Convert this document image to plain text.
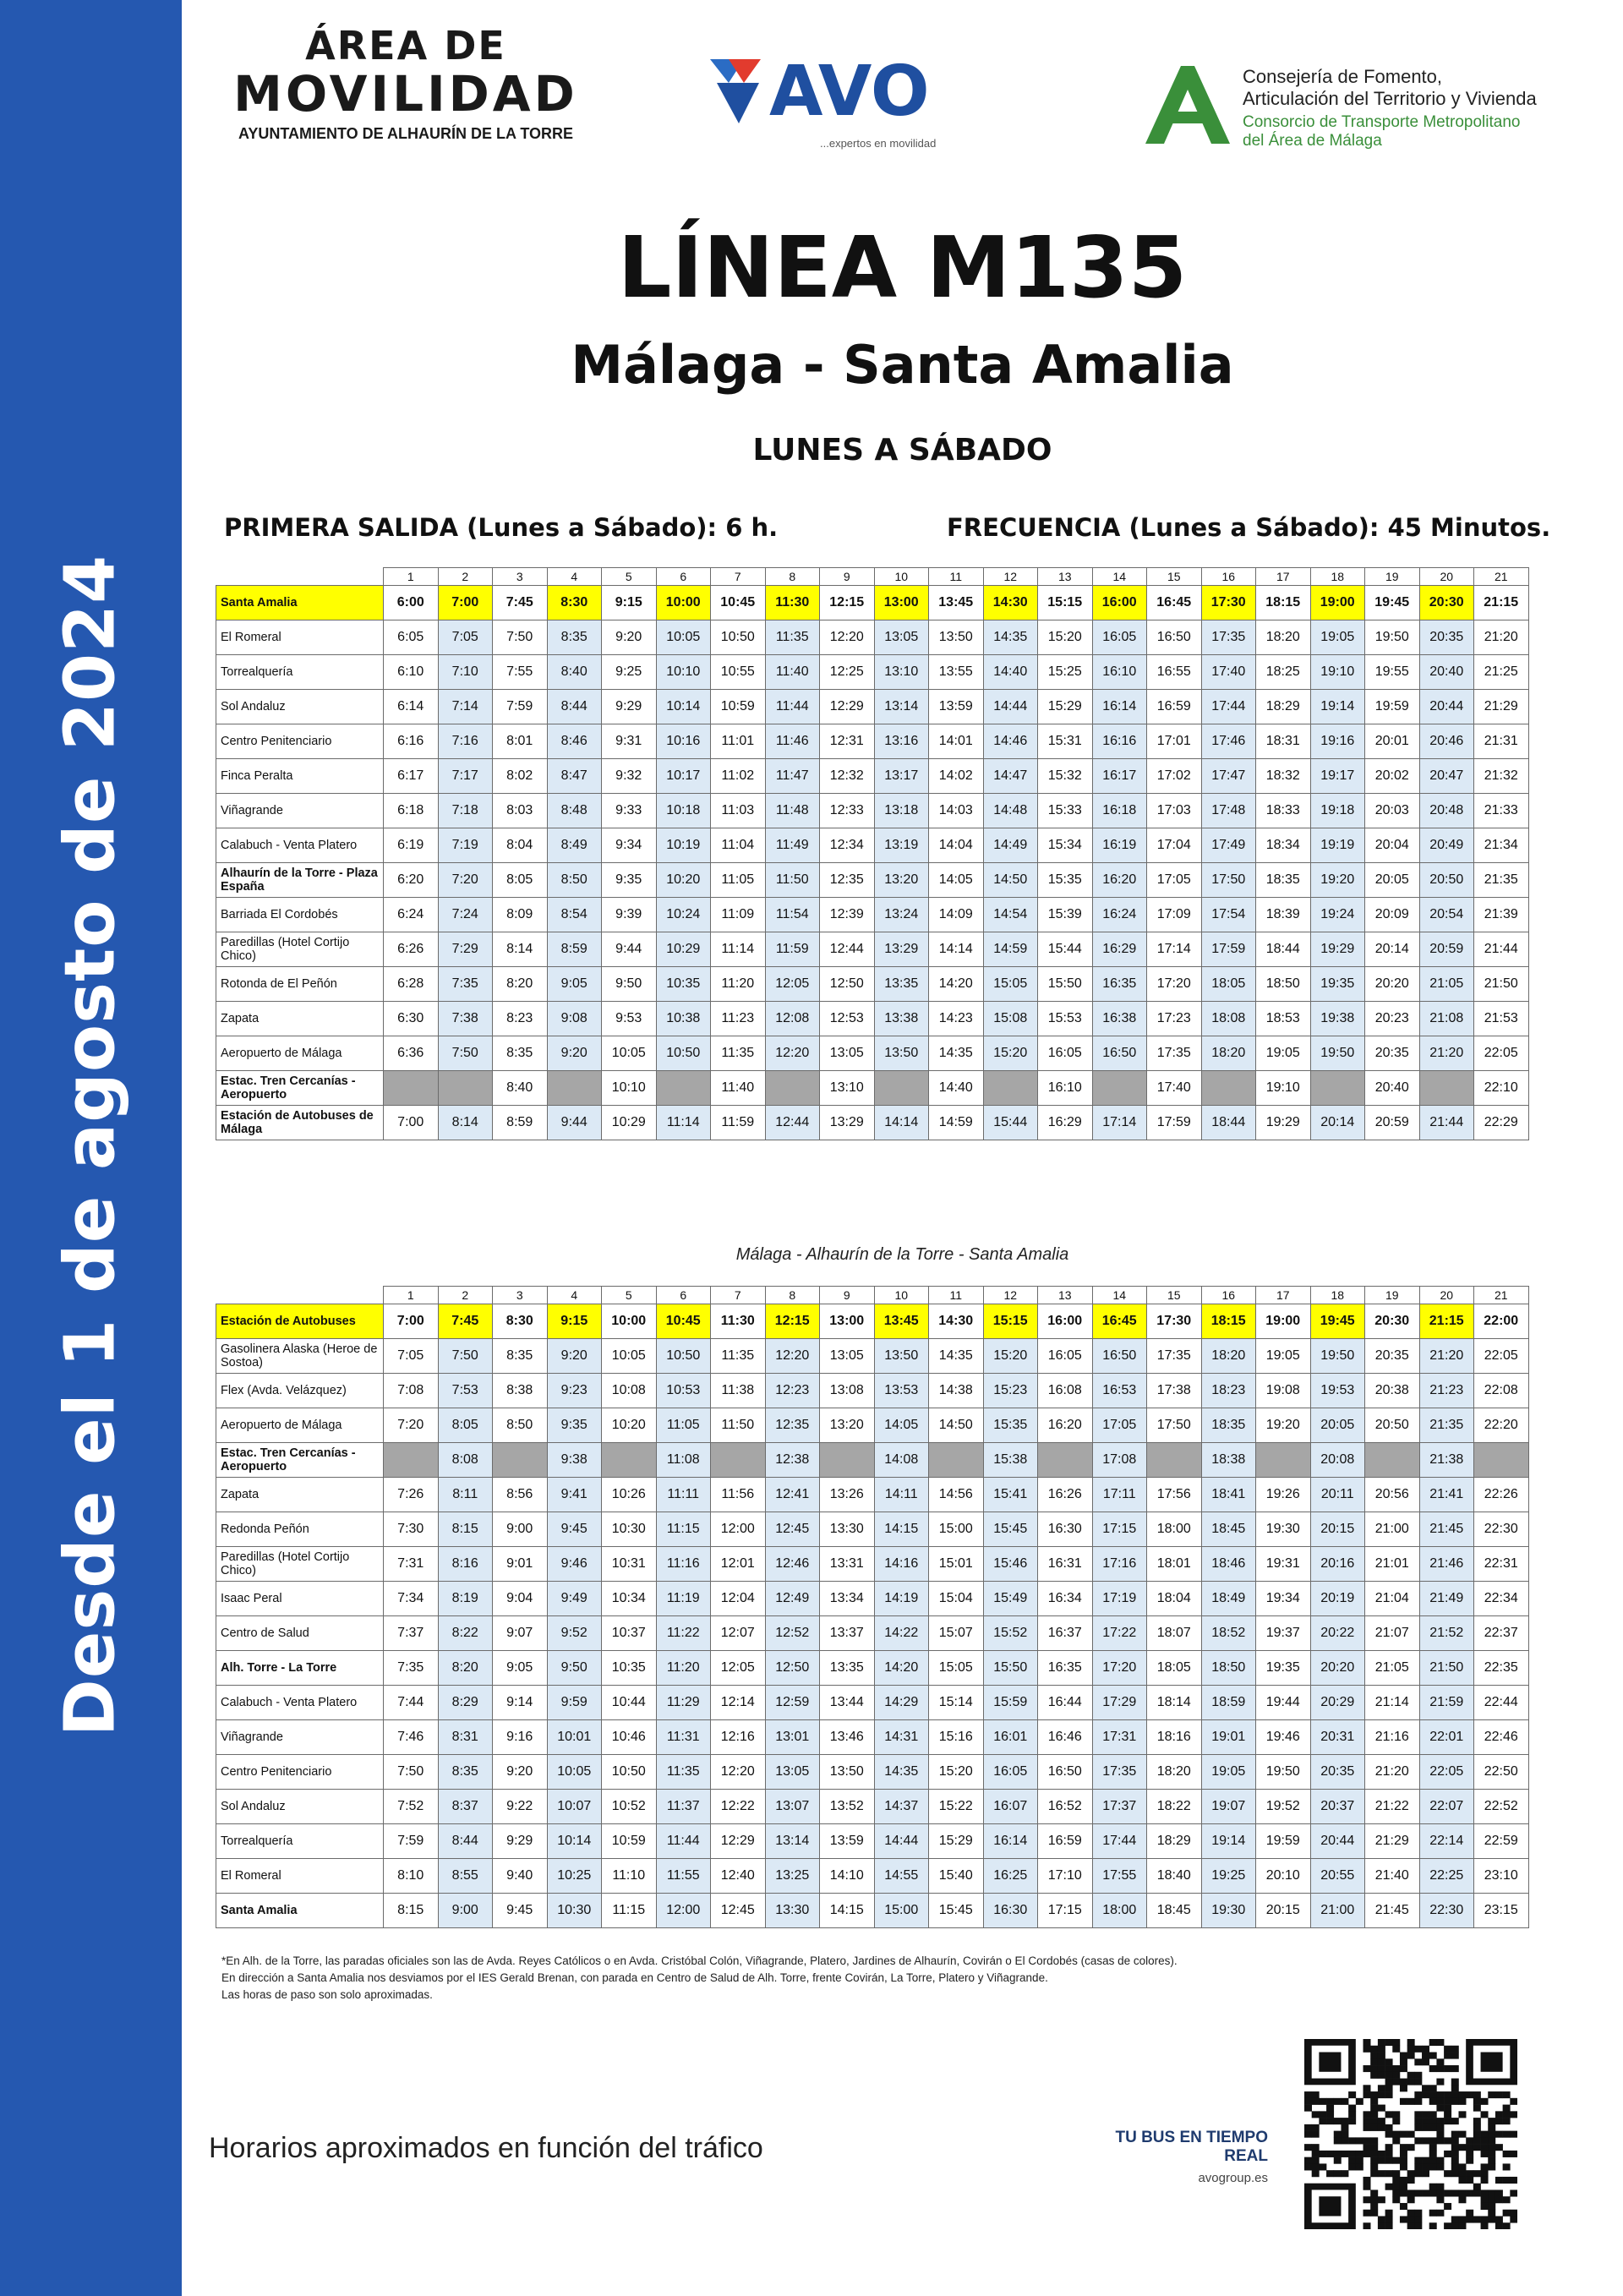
Desde el 1 de agosto de 2024
ÁREA DE
MOVILIDAD
AYUNTAMIENTO DE ALHAURÍN DE LA TORRE
AVO
...expertos en movilidad
Consejería de Fomento,
Articulación del Territorio y Vivienda
Consorcio de Transporte Metropolitano
del Área de Málaga
LÍNEA M135
Málaga - Santa Amalia
LUNES A SÁBADO
PRIMERA SALIDA (Lunes a Sábado): 6 h.	FRECUENCIA (Lunes a Sábado): 45 Minutos.
	1	2	3	4	5	6	7	8	9	10	11	12	13	14	15	16	17	18	19	20	21
Santa Amalia	6:00	7:00	7:45	8:30	9:15	10:00	10:45	11:30	12:15	13:00	13:45	14:30	15:15	16:00	16:45	17:30	18:15	19:00	19:45	20:30	21:15
El Romeral	6:05	7:05	7:50	8:35	9:20	10:05	10:50	11:35	12:20	13:05	13:50	14:35	15:20	16:05	16:50	17:35	18:20	19:05	19:50	20:35	21:20
Torrealquería	6:10	7:10	7:55	8:40	9:25	10:10	10:55	11:40	12:25	13:10	13:55	14:40	15:25	16:10	16:55	17:40	18:25	19:10	19:55	20:40	21:25
Sol Andaluz	6:14	7:14	7:59	8:44	9:29	10:14	10:59	11:44	12:29	13:14	13:59	14:44	15:29	16:14	16:59	17:44	18:29	19:14	19:59	20:44	21:29
Centro Penitenciario	6:16	7:16	8:01	8:46	9:31	10:16	11:01	11:46	12:31	13:16	14:01	14:46	15:31	16:16	17:01	17:46	18:31	19:16	20:01	20:46	21:31
Finca Peralta	6:17	7:17	8:02	8:47	9:32	10:17	11:02	11:47	12:32	13:17	14:02	14:47	15:32	16:17	17:02	17:47	18:32	19:17	20:02	20:47	21:32
Viñagrande	6:18	7:18	8:03	8:48	9:33	10:18	11:03	11:48	12:33	13:18	14:03	14:48	15:33	16:18	17:03	17:48	18:33	19:18	20:03	20:48	21:33
Calabuch - Venta Platero	6:19	7:19	8:04	8:49	9:34	10:19	11:04	11:49	12:34	13:19	14:04	14:49	15:34	16:19	17:04	17:49	18:34	19:19	20:04	20:49	21:34
Alhaurín de la Torre - Plaza España	6:20	7:20	8:05	8:50	9:35	10:20	11:05	11:50	12:35	13:20	14:05	14:50	15:35	16:20	17:05	17:50	18:35	19:20	20:05	20:50	21:35
Barriada El Cordobés	6:24	7:24	8:09	8:54	9:39	10:24	11:09	11:54	12:39	13:24	14:09	14:54	15:39	16:24	17:09	17:54	18:39	19:24	20:09	20:54	21:39
Paredillas (Hotel Cortijo Chico)	6:26	7:29	8:14	8:59	9:44	10:29	11:14	11:59	12:44	13:29	14:14	14:59	15:44	16:29	17:14	17:59	18:44	19:29	20:14	20:59	21:44
Rotonda de El Peñón	6:28	7:35	8:20	9:05	9:50	10:35	11:20	12:05	12:50	13:35	14:20	15:05	15:50	16:35	17:20	18:05	18:50	19:35	20:20	21:05	21:50
Zapata	6:30	7:38	8:23	9:08	9:53	10:38	11:23	12:08	12:53	13:38	14:23	15:08	15:53	16:38	17:23	18:08	18:53	19:38	20:23	21:08	21:53
Aeropuerto de Málaga	6:36	7:50	8:35	9:20	10:05	10:50	11:35	12:20	13:05	13:50	14:35	15:20	16:05	16:50	17:35	18:20	19:05	19:50	20:35	21:20	22:05
Estac. Tren Cercanías - Aeropuerto			8:40		10:10		11:40		13:10		14:40		16:10		17:40		19:10		20:40		22:10
Estación de Autobuses de Málaga	7:00	8:14	8:59	9:44	10:29	11:14	11:59	12:44	13:29	14:14	14:59	15:44	16:29	17:14	17:59	18:44	19:29	20:14	20:59	21:44	22:29
Málaga - Alhaurín de la Torre - Santa Amalia
	1	2	3	4	5	6	7	8	9	10	11	12	13	14	15	16	17	18	19	20	21
Estación de Autobuses	7:00	7:45	8:30	9:15	10:00	10:45	11:30	12:15	13:00	13:45	14:30	15:15	16:00	16:45	17:30	18:15	19:00	19:45	20:30	21:15	22:00
Gasolinera Alaska (Heroe de Sostoa)	7:05	7:50	8:35	9:20	10:05	10:50	11:35	12:20	13:05	13:50	14:35	15:20	16:05	16:50	17:35	18:20	19:05	19:50	20:35	21:20	22:05
Flex (Avda. Velázquez)	7:08	7:53	8:38	9:23	10:08	10:53	11:38	12:23	13:08	13:53	14:38	15:23	16:08	16:53	17:38	18:23	19:08	19:53	20:38	21:23	22:08
Aeropuerto de Málaga	7:20	8:05	8:50	9:35	10:20	11:05	11:50	12:35	13:20	14:05	14:50	15:35	16:20	17:05	17:50	18:35	19:20	20:05	20:50	21:35	22:20
Estac. Tren Cercanías - Aeropuerto		8:08		9:38		11:08		12:38		14:08		15:38		17:08		18:38		20:08		21:38	
Zapata	7:26	8:11	8:56	9:41	10:26	11:11	11:56	12:41	13:26	14:11	14:56	15:41	16:26	17:11	17:56	18:41	19:26	20:11	20:56	21:41	22:26
Redonda Peñón	7:30	8:15	9:00	9:45	10:30	11:15	12:00	12:45	13:30	14:15	15:00	15:45	16:30	17:15	18:00	18:45	19:30	20:15	21:00	21:45	22:30
Paredillas (Hotel Cortijo Chico)	7:31	8:16	9:01	9:46	10:31	11:16	12:01	12:46	13:31	14:16	15:01	15:46	16:31	17:16	18:01	18:46	19:31	20:16	21:01	21:46	22:31
Isaac Peral	7:34	8:19	9:04	9:49	10:34	11:19	12:04	12:49	13:34	14:19	15:04	15:49	16:34	17:19	18:04	18:49	19:34	20:19	21:04	21:49	22:34
Centro de Salud	7:37	8:22	9:07	9:52	10:37	11:22	12:07	12:52	13:37	14:22	15:07	15:52	16:37	17:22	18:07	18:52	19:37	20:22	21:07	21:52	22:37
Alh. Torre - La Torre	7:35	8:20	9:05	9:50	10:35	11:20	12:05	12:50	13:35	14:20	15:05	15:50	16:35	17:20	18:05	18:50	19:35	20:20	21:05	21:50	22:35
Calabuch - Venta Platero	7:44	8:29	9:14	9:59	10:44	11:29	12:14	12:59	13:44	14:29	15:14	15:59	16:44	17:29	18:14	18:59	19:44	20:29	21:14	21:59	22:44
Viñagrande	7:46	8:31	9:16	10:01	10:46	11:31	12:16	13:01	13:46	14:31	15:16	16:01	16:46	17:31	18:16	19:01	19:46	20:31	21:16	22:01	22:46
Centro Penitenciario	7:50	8:35	9:20	10:05	10:50	11:35	12:20	13:05	13:50	14:35	15:20	16:05	16:50	17:35	18:20	19:05	19:50	20:35	21:20	22:05	22:50
Sol Andaluz	7:52	8:37	9:22	10:07	10:52	11:37	12:22	13:07	13:52	14:37	15:22	16:07	16:52	17:37	18:22	19:07	19:52	20:37	21:22	22:07	22:52
Torrealquería	7:59	8:44	9:29	10:14	10:59	11:44	12:29	13:14	13:59	14:44	15:29	16:14	16:59	17:44	18:29	19:14	19:59	20:44	21:29	22:14	22:59
El Romeral	8:10	8:55	9:40	10:25	11:10	11:55	12:40	13:25	14:10	14:55	15:40	16:25	17:10	17:55	18:40	19:25	20:10	20:55	21:40	22:25	23:10
Santa Amalia	8:15	9:00	9:45	10:30	11:15	12:00	12:45	13:30	14:15	15:00	15:45	16:30	17:15	18:00	18:45	19:30	20:15	21:00	21:45	22:30	23:15
*En Alh. de la Torre, las paradas oficiales son las de Avda. Reyes Católicos o en Avda. Cristóbal Colón, Viñagrande, Platero, Jardines de Alhaurín, Covirán o El Cordobés (casas de colores).
En dirección a Santa Amalia nos desviamos por el IES Gerald Brenan, con parada en Centro de Salud de Alh. Torre, frente Covirán, La Torre, Platero y Viñagrande.
Las horas de paso son solo aproximadas.
Horarios aproximados en función del tráfico	TU BUS EN TIEMPO REAL
avogroup.es
